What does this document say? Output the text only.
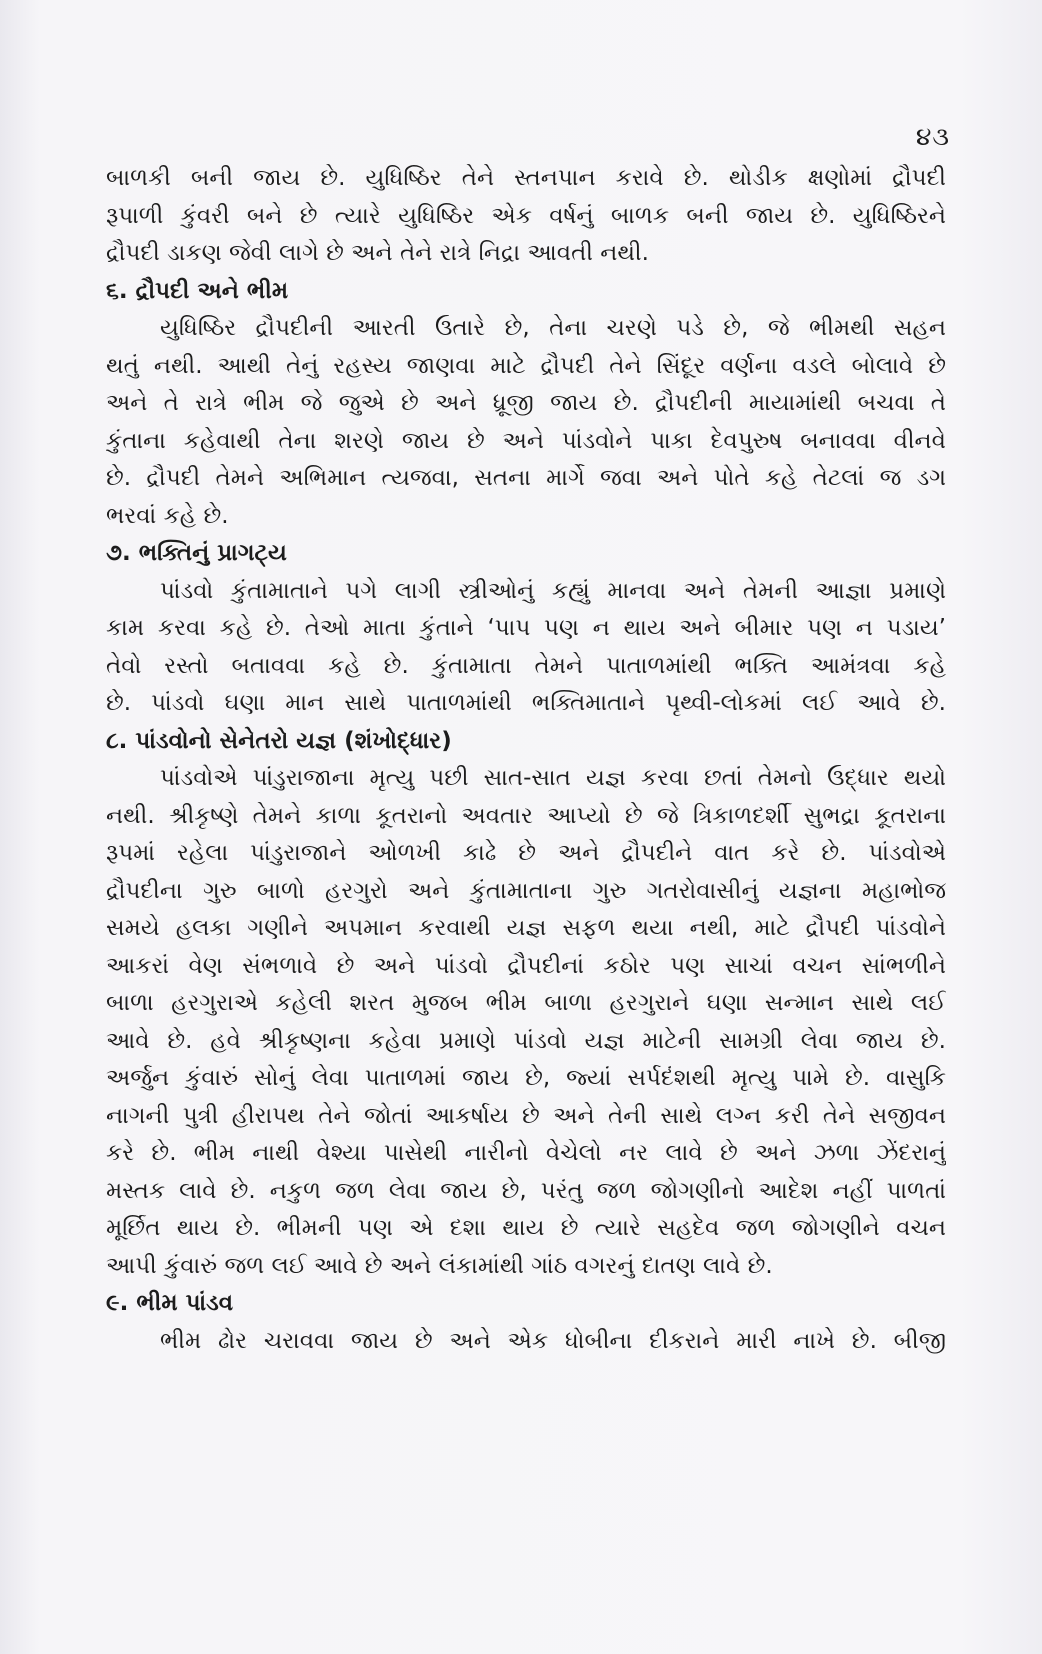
૪૩
બાળકી બની જાય છે. યુધિષ્ઠિર તેને સ્તનપાન કરાવે છે. થોડીક ક્ષણોમાં દ્રૌપદી
રૂપાળી કુંવરી બને છે ત્યારે યુધિષ્ઠિર એક વર્ષનું બાળક બની જાય છે. યુધિષ્ઠિરને
દ્રૌપદી ડાકણ જેવી લાગે છે અને તેને રાત્રે નિદ્રા આવતી નથી.
૬. દ્રૌપદી અને ભીમ
યુધિષ્ઠિર દ્રૌપદીની આરતી ઉતારે છે, તેના ચરણે પડે છે, જે ભીમથી સહન
થતું નથી. આથી તેનું રહસ્ય જાણવા માટે દ્રૌપદી તેને સિંદૂર વર્ણના વડલે બોલાવે છે
અને તે રાત્રે ભીમ જે જુએ છે અને ધ્રૂજી જાય છે. દ્રૌપદીની માયામાંથી બચવા તે
કુંતાના કહેવાથી તેના શરણે જાય છે અને પાંડવોને પાકા દેવપુરુષ બનાવવા વીનવે
છે. દ્રૌપદી તેમને અભિમાન ત્યજવા, સતના માર્ગે જવા અને પોતે કહે તેટલાં જ ડગ
ભરવાં કહે છે.
૭. ભક્તિનું પ્રાગટ્ય
પાંડવો કુંતામાતાને પગે લાગી સ્ત્રીઓનું કહ્યું માનવા અને તેમની આજ્ઞા પ્રમાણે
કામ કરવા કહે છે. તેઓ માતા કુંતાને ‘પાપ પણ ન થાય અને બીમાર પણ ન પડાય’
તેવો રસ્તો બતાવવા કહે છે. કુંતામાતા તેમને પાતાળમાંથી ભક્તિ આમંત્રવા કહે
છે. પાંડવો ઘણા માન સાથે પાતાળમાંથી ભક્તિમાતાને પૃથ્વી-લોકમાં લઈ આવે છે.
૮. પાંડવોનો સેનેતરો યજ્ઞ (શંખોદ્ધાર)
પાંડવોએ પાંડુરાજાના મૃત્યુ પછી સાત-સાત યજ્ઞ કરવા છતાં તેમનો ઉદ્ધાર થયો
નથી. શ્રીકૃષ્ણે તેમને કાળા કૂતરાનો અવતાર આપ્યો છે જે ત્રિકાળદર્શી સુભદ્રા કૂતરાના
રૂપમાં રહેલા પાંડુરાજાને ઓળખી કાઢે છે અને દ્રૌપદીને વાત કરે છે. પાંડવોએ
દ્રૌપદીના ગુરુ બાળો હરગુરો અને કુંતામાતાના ગુરુ ગતરોવાસીનું યજ્ઞના મહાભોજ
સમયે હલકા ગણીને અપમાન કરવાથી યજ્ઞ સફળ થયા નથી, માટે દ્રૌપદી પાંડવોને
આકરાં વેણ સંભળાવે છે અને પાંડવો દ્રૌપદીનાં કઠોર પણ સાચાં વચન સાંભળીને
બાળા હરગુરાએ કહેલી શરત મુજબ ભીમ બાળા હરગુરાને ઘણા સન્માન સાથે લઈ
આવે છે. હવે શ્રીકૃષ્ણના કહેવા પ્રમાણે પાંડવો યજ્ઞ માટેની સામગ્રી લેવા જાય છે.
અર્જુન કુંવારું સોનું લેવા પાતાળમાં જાય છે, જ્યાં સર્પદંશથી મૃત્યુ પામે છે. વાસુકિ
નાગની પુત્રી હીરાપથ તેને જોતાં આકર્ષાય છે અને તેની સાથે લગ્ન કરી તેને સજીવન
કરે છે. ભીમ નાથી વેશ્યા પાસેથી નારીનો વેચેલો નર લાવે છે અને ઝળા ઝેંદરાનું
મસ્તક લાવે છે. નકુળ જળ લેવા જાય છે, પરંતુ જળ જોગણીનો આદેશ નહીં પાળતાં
મૂર્છિત થાય છે. ભીમની પણ એ દશા થાય છે ત્યારે સહદેવ જળ જોગણીને વચન
આપી કુંવારું જળ લઈ આવે છે અને લંકામાંથી ગાંઠ વગરનું દાતણ લાવે છે.
૯. ભીમ પાંડવ
ભીમ ઢોર ચરાવવા જાય છે અને એક ધોબીના દીકરાને મારી નાખે છે. બીજી
